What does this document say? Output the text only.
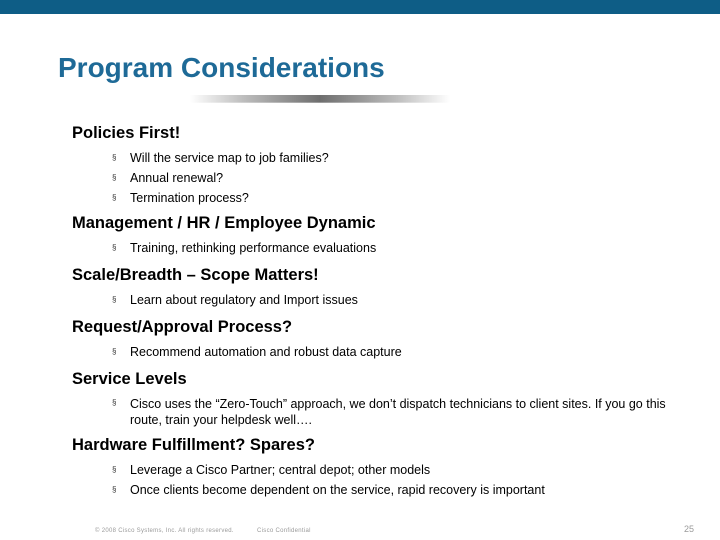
Program Considerations

Policies First!

§ Will the service map to job families?
§ Annual renewal?
§ Termination process?

Management / HR / Employee Dynamic

§ Training, rethinking performance evaluations

Scale/Breadth – Scope Matters!

§ Learn about regulatory and Import issues

Request/Approval Process?

§ Recommend automation and robust data capture

Service Levels

§ Cisco uses the “Zero-Touch” approach, we don’t dispatch technicians to client sites. If you go this route, train your helpdesk well….

Hardware Fulfillment? Spares?

§ Leverage a Cisco Partner; central depot; other models
§ Once clients become dependent on the service, rapid recovery is important
© 2008 Cisco Systems, Inc. All rights reserved.	Cisco Confidential	25
